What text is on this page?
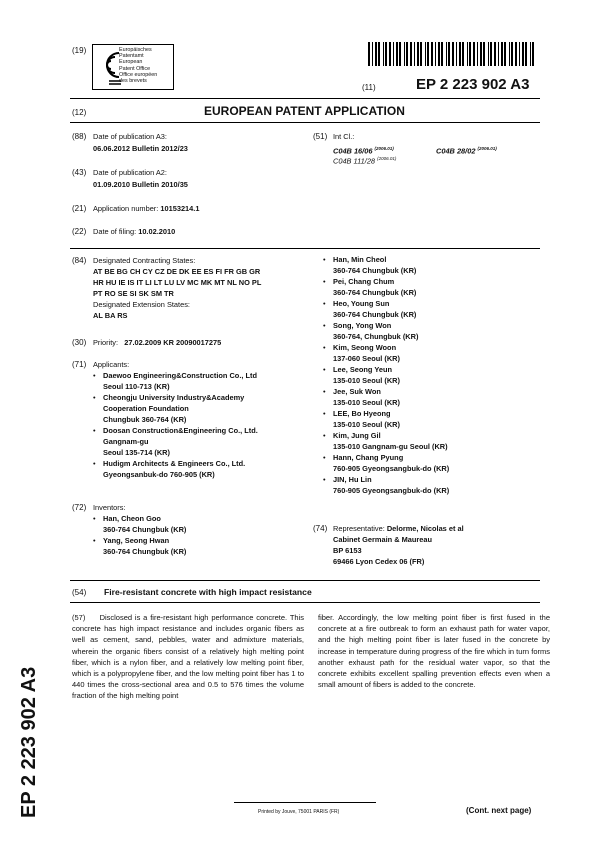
(19)	Europäisches
Patentamt
European
Patent Office
Office européen
des brevets
(11)	EP 2 223 902 A3
(12)	EUROPEAN PATENT APPLICATION
(88) Date of publication A3:
06.06.2012 Bulletin 2012/23
(43) Date of publication A2:
01.09.2010 Bulletin 2010/35
(21) Application number: 10153214.1
(22) Date of filing: 10.02.2010
(51) Int Cl.:
C04B 16/06 $^{(2006.01)}$	C04B 28/02 $^{(2006.01)}$
C04B 111/28 $^{(2006.01)}$
(84) Designated Contracting States:
AT BE BG CH CY CZ DE DK EE ES FI FR GB GR
HR HU IE IS IT LI LT LU LV MC MK MT NL NO PL
PT RO SE SI SK SM TR
Designated Extension States:
AL BA RS
(30) Priority: 27.02.2009 KR 20090017275
(71) Applicants:
• Daewoo Engineering&Construction Co., Ltd
Seoul 110-713 (KR)
• Cheongju University Industry&Academy
Cooperation Foundation
Chungbuk 360-764 (KR)
• Doosan Construction&Engineering Co., Ltd.
Gangnam-gu
Seoul 135-714 (KR)
• Hudigm Architects & Engineers Co., Ltd.
Gyeongsanbuk-do 760-905 (KR)
(72) Inventors:
• Han, Cheon Goo
360-764 Chungbuk (KR)
• Yang, Seong Hwan
360-764 Chungbuk (KR)
• Han, Min Cheol
360-764 Chungbuk (KR)
• Pei, Chang Chum
360-764 Chungbuk (KR)
• Heo, Young Sun
360-764 Chungbuk (KR)
• Song, Yong Won
360-764, Chungbuk (KR)
• Kim, Seong Woon
137-060 Seoul (KR)
• Lee, Seong Yeun
135-010 Seoul (KR)
• Jee, Suk Won
135-010 Seoul (KR)
• LEE, Bo Hyeong
135-010 Seoul (KR)
• Kim, Jung Gil
135-010 Gangnam-gu Seoul (KR)
• Hann, Chang Pyung
760-905 Gyeongsangbuk-do (KR)
• JIN, Hu Lin
760-905 Gyeongsangbuk-do (KR)
(74) Representative: Delorme, Nicolas et al
Cabinet Germain & Maureau
BP 6153
69466 Lyon Cedex 06 (FR)
(54) Fire-resistant concrete with high impact resistance
(57) Disclosed is a fire-resistant high performance concrete. This concrete has high impact resistance and includes organic fibers as well as cement, sand, pebbles, water and admixture materials, wherein the organic fibers consist of a relatively high melting point fiber, which is a nylon fiber, and a relatively low melting point fiber, which is a polypropylene fiber, and the low melting point fiber has 1 to 440 times the cross-sectional area and 0.5 to 576 times the volume fraction of the high melting point
fiber. Accordingly, the low melting point fiber is first fused in the concrete at a fire outbreak to form an exhaust path for water vapor, and the high melting point fiber is later fused in the concrete by increase in temperature during progress of the fire which in turn forms another exhaust path for the residual water vapor, so that the concrete exhibits excellent spalling prevention effects even when a small amount of fibers is added to the concrete.
EP 2 223 902 A3	Printed by Jouve, 75001 PARIS (FR)	(Cont. next page)
